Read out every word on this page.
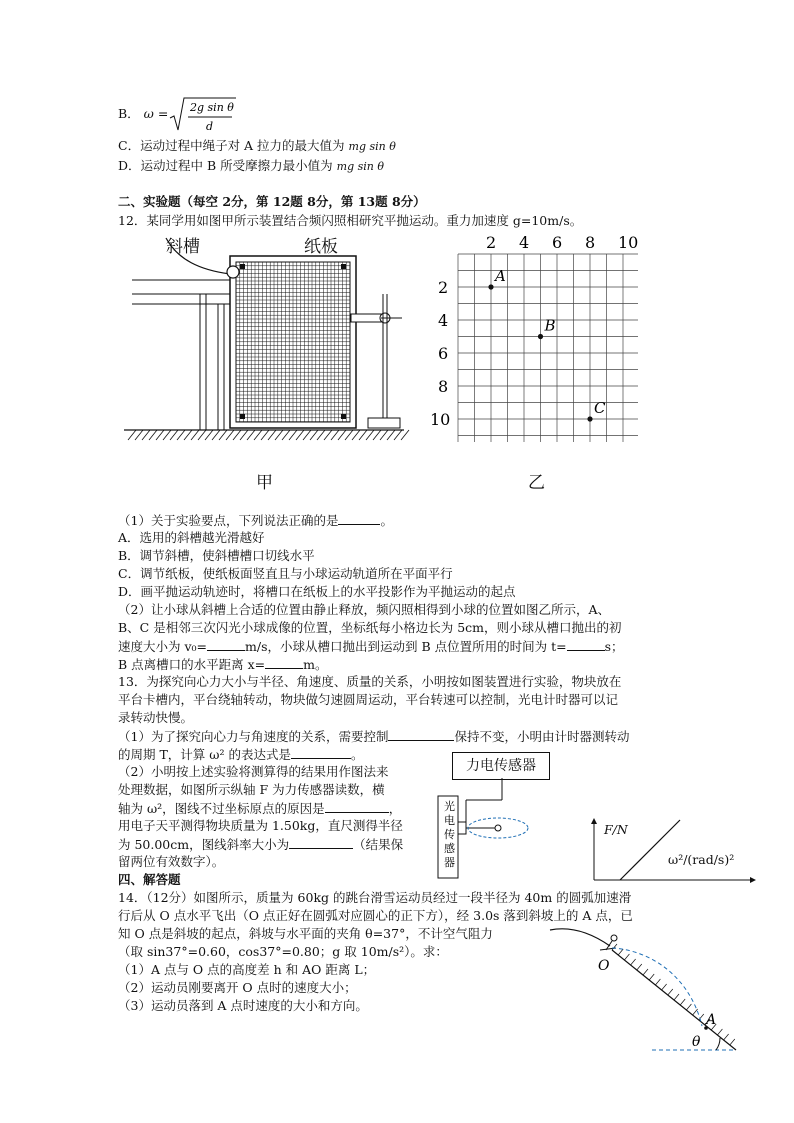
B． ω = 2g sin θ
d
C．运动过程中绳子对 A 拉力的最大值为 mg sin θ
D．运动过程中 B 所受摩擦力最小值为 mg sin θ
二、实验题（每空 2分，第 12题 8分，第 13题 8分）
12．某同学用如图甲所示装置结合频闪照相研究平抛运动。重力加速度 g=10m/s。
斜槽	纸板
甲
2 4 6 8 10
2
4
6
8
10
A
B
C
乙
（1）关于实验要点，下列说法正确的是	。
A．选用的斜槽越光滑越好
B．调节斜槽，使斜槽槽口切线水平
C．调节纸板，使纸板面竖直且与小球运动轨道所在平面平行
D．画平抛运动轨迹时，将槽口在纸板上的水平投影作为平抛运动的起点
（2）让小球从斜槽上合适的位置由静止释放，频闪照相得到小球的位置如图乙所示，A、
B、C 是相邻三次闪光小球成像的位置，坐标纸每小格边长为 5cm，则小球从槽口抛出的初
速度大小为 v₀=	m/s，小球从槽口抛出到运动到 B 点位置所用的时间为 t=	s；
B 点离槽口的水平距离 x=	m。
13．为探究向心力大小与半径、角速度、质量的关系，小明按如图装置进行实验，物块放在
平台卡槽内，平台绕轴转动，物块做匀速圆周运动，平台转速可以控制，光电计时器可以记
录转动快慢。
（1）为了探究向心力与角速度的关系，需要控制	保持不变，小明由计时器测转动
的周期 T，计算 ω² 的表达式是	。
（2）小明按上述实验将测算得的结果用作图法来
处理数据，如图所示纵轴 F 为力传感器读数，横
轴为 ω²，图线不过坐标原点的原因是	，
用电子天平测得物块质量为 1.50kg，直尺测得半径
为 50.00cm，图线斜率大小为	（结果保
留两位有效数字）。
力电传感器
光
电
传
感
器
F/N
ω²/(rad/s)²
四、解答题
14．（12分）如图所示，质量为 60kg 的跳台滑雪运动员经过一段半径为 40m 的圆弧加速滑
行后从 O 点水平飞出（O 点正好在圆弧对应圆心的正下方），经 3.0s 落到斜坡上的 A 点，已
知 O 点是斜坡的起点，斜坡与水平面的夹角 θ=37°，不计空气阻力
（取 sin37°=0.60，cos37°=0.80；g 取 10m/s²）。求：
（1）A 点与 O 点的高度差 h 和 AO 距离 L；
（2）运动员刚要离开 O 点时的速度大小；
（3）运动员落到 A 点时速度的大小和方向。
O
A
θ
